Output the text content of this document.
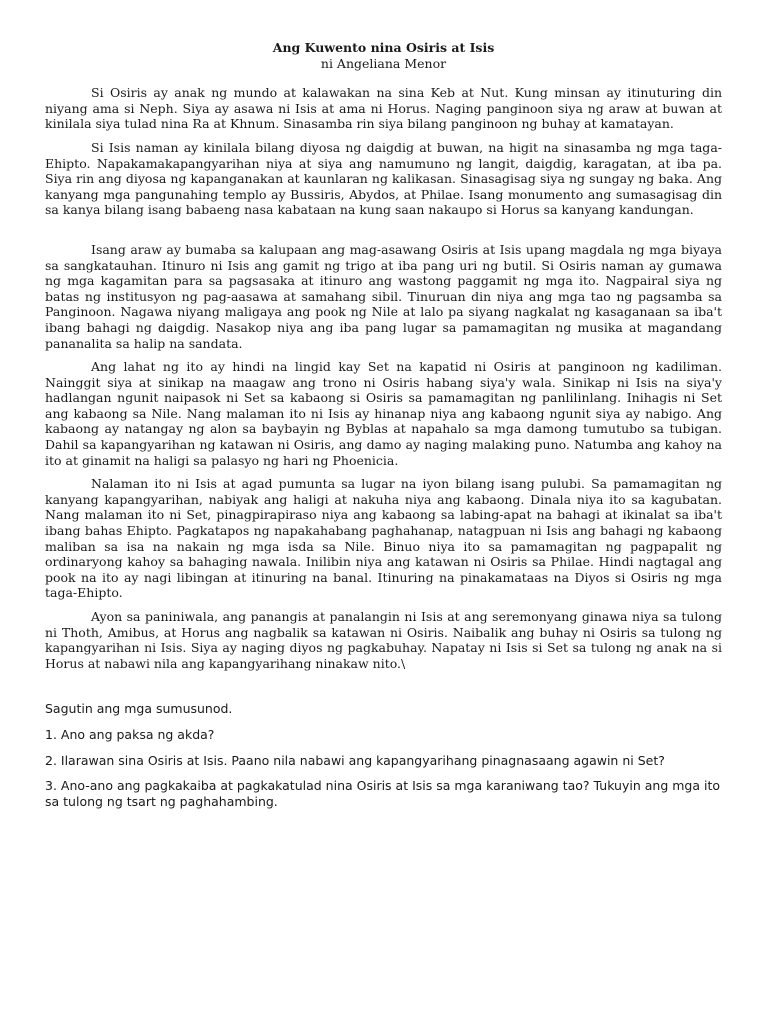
Ang Kuwento nina Osiris at Isis

ni Angeliana Menor

Si Osiris ay anak ng mundo at kalawakan na sina Keb at Nut. Kung minsan ay itinuturing din niyang ama si Neph. Siya ay asawa ni Isis at ama ni Horus. Naging panginoon siya ng araw at buwan at kinilala siya tulad nina Ra at Khnum. Sinasamba rin siya bilang panginoon ng buhay at kamatayan.

Si Isis naman ay kinilala bilang diyosa ng daigdig at buwan, na higit na sinasamba ng mga taga-Ehipto. Napakamakapangyarihan niya at siya ang namumuno ng langit, daigdig, karagatan, at iba pa. Siya rin ang diyosa ng kapanganakan at kaunlaran ng kalikasan. Sinasagisag siya ng sungay ng baka. Ang kanyang mga pangunahing templo ay Bussiris, Abydos, at Philae. Isang monumento ang sumasagisag din sa kanya bilang isang babaeng nasa kabataan na kung saan nakaupo si Horus sa kanyang kandungan.

Isang araw ay bumaba sa kalupaan ang mag-asawang Osiris at Isis upang magdala ng mga biyaya sa sangkatauhan. Itinuro ni Isis ang gamit ng trigo at iba pang uri ng butil. Si Osiris naman ay gumawa ng mga kagamitan para sa pagsasaka at itinuro ang wastong paggamit ng mga ito. Nagpairal siya ng batas ng institusyon ng pag-aasawa at samahang sibil. Tinuruan din niya ang mga tao ng pagsamba sa Panginoon. Nagawa niyang maligaya ang pook ng Nile at lalo pa siyang nagkalat ng kasaganaan sa iba't ibang bahagi ng daigdig. Nasakop niya ang iba pang lugar sa pamamagitan ng musika at magandang pananalita sa halip na sandata.

Ang lahat ng ito ay hindi na lingid kay Set na kapatid ni Osiris at panginoon ng kadiliman. Nainggit siya at sinikap na maagaw ang trono ni Osiris habang siya'y wala. Sinikap ni Isis na siya'y hadlangan ngunit naipasok ni Set sa kabaong si Osiris sa pamamagitan ng panlilinlang. Inihagis ni Set ang kabaong sa Nile. Nang malaman ito ni Isis ay hinanap niya ang kabaong ngunit siya ay nabigo. Ang kabaong ay natangay ng alon sa baybayin ng Byblas at napahalo sa mga damong tumutubo sa tubigan. Dahil sa kapangyarihan ng katawan ni Osiris, ang damo ay naging malaking puno. Natumba ang kahoy na ito at ginamit na haligi sa palasyo ng hari ng Phoenicia.

Nalaman ito ni Isis at agad pumunta sa lugar na iyon bilang isang pulubi. Sa pamamagitan ng kanyang kapangyarihan, nabiyak ang haligi at nakuha niya ang kabaong. Dinala niya ito sa kagubatan. Nang malaman ito ni Set, pinagpirapiraso niya ang kabaong sa labing-apat na bahagi at ikinalat sa iba't ibang bahas Ehipto. Pagkatapos ng napakahabang paghahanap, natagpuan ni Isis ang bahagi ng kabaong maliban sa isa na nakain ng mga isda sa Nile. Binuo niya ito sa pamamagitan ng pagpapalit ng ordinaryong kahoy sa bahaging nawala. Inilibin niya ang katawan ni Osiris sa Philae. Hindi nagtagal ang pook na ito ay nagi libingan at itinuring na banal. Itinuring na pinakamataas na Diyos si Osiris ng mga taga-Ehipto.

Ayon sa paniniwala, ang panangis at panalangin ni Isis at ang seremonyang ginawa niya sa tulong ni Thoth, Amibus, at Horus ang nagbalik sa katawan ni Osiris. Naibalik ang buhay ni Osiris sa tulong ng kapangyarihan ni Isis. Siya ay naging diyos ng pagkabuhay. Napatay ni Isis si Set sa tulong ng anak na si Horus at nabawi nila ang kapangyarihang ninakaw nito.\

Sagutin ang mga sumusunod.

1. Ano ang paksa ng akda?

2. Ilarawan sina Osiris at Isis. Paano nila nabawi ang kapangyarihang pinagnasaang agawin ni Set?

3. Ano-ano ang pagkakaiba at pagkakatulad nina Osiris at Isis sa mga karaniwang tao? Tukuyin ang mga ito sa tulong ng tsart ng paghahambing.
